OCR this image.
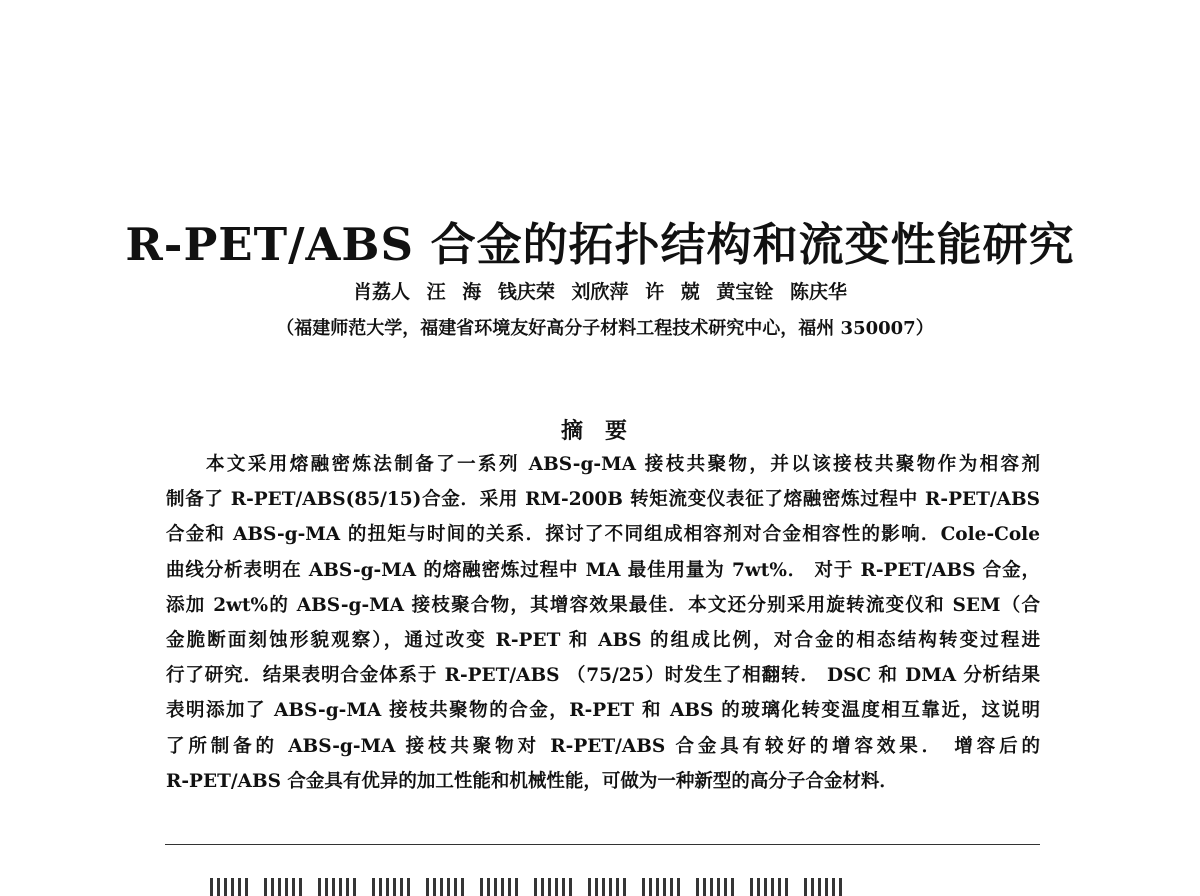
R-PET/ABS 合金的拓扑结构和流变性能研究
肖荔人 汪 海 钱庆荣 刘欣萍 许 兢 黄宝铨 陈庆华
（福建师范大学，福建省环境友好高分子材料工程技术研究中心，福州 350007）
摘要
本文采用熔融密炼法制备了一系列 ABS-g-MA 接枝共聚物，并以该接枝共聚物作为相容剂
制备了 R-PET/ABS(85/15)合金．采用 RM-200B 转矩流变仪表征了熔融密炼过程中 R-PET/ABS
合金和 ABS-g-MA 的扭矩与时间的关系．探讨了不同组成相容剂对合金相容性的影响．Cole-Cole
曲线分析表明在 ABS-g-MA 的熔融密炼过程中 MA 最佳用量为 7wt%． 对于 R-PET/ABS 合金，
添加 2wt%的 ABS-g-MA 接枝聚合物，其增容效果最佳．本文还分别采用旋转流变仪和 SEM（合
金脆断面刻蚀形貌观察），通过改变 R-PET 和 ABS 的组成比例，对合金的相态结构转变过程进
行了研究．结果表明合金体系于 R-PET/ABS （75/25）时发生了相翻转． DSC 和 DMA 分析结果
表明添加了 ABS-g-MA 接枝共聚物的合金，R-PET 和 ABS 的玻璃化转变温度相互靠近，这说明
了所制备的 ABS-g-MA 接枝共聚物对 R-PET/ABS 合金具有较好的增容效果． 增容后的
R-PET/ABS 合金具有优异的加工性能和机械性能，可做为一种新型的高分子合金材料．
